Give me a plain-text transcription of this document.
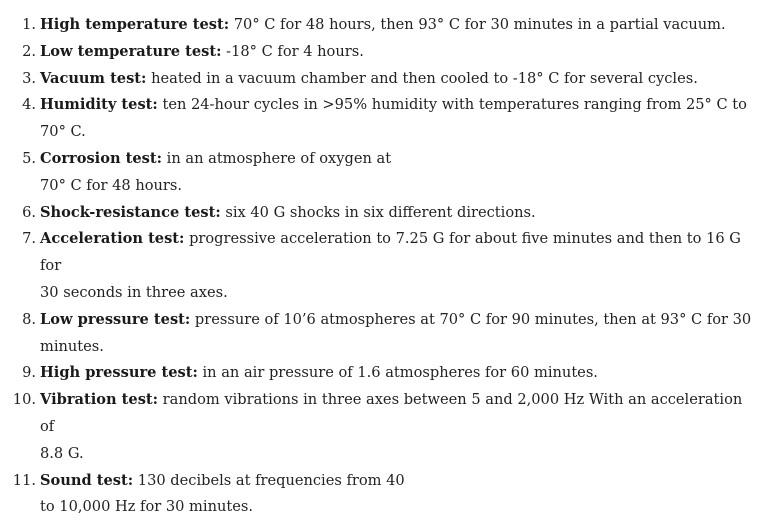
1. High temperature test: 70° C for 48 hours, then 93° C for 30 minutes in a partial vacuum.
2. Low temperature test: -18° C for 4 hours.
3. Vacuum test: heated in a vacuum chamber and then cooled to -18° C for several cycles.
4. Humidity test: ten 24-hour cycles in >95% humidity with temperatures ranging from 25° C to
70° C.
5. Corrosion test: in an atmosphere of oxygen at
70° C for 48 hours.
6. Shock-resistance test: six 40 G shocks in six different directions.
7. Acceleration test: progressive acceleration to 7.25 G for about five minutes and then to 16 G for
30 seconds in three axes.
8. Low pressure test: pressure of 10’6 atmospheres at 70° C for 90 minutes, then at 93° C for 30
minutes.
9. High pressure test: in an air pressure of 1.6 atmospheres for 60 minutes.
10. Vibration test: random vibrations in three axes between 5 and 2,000 Hz With an acceleration
of
8.8 G.
11. Sound test: 130 decibels at frequencies from 40
to 10,000 Hz for 30 minutes.
